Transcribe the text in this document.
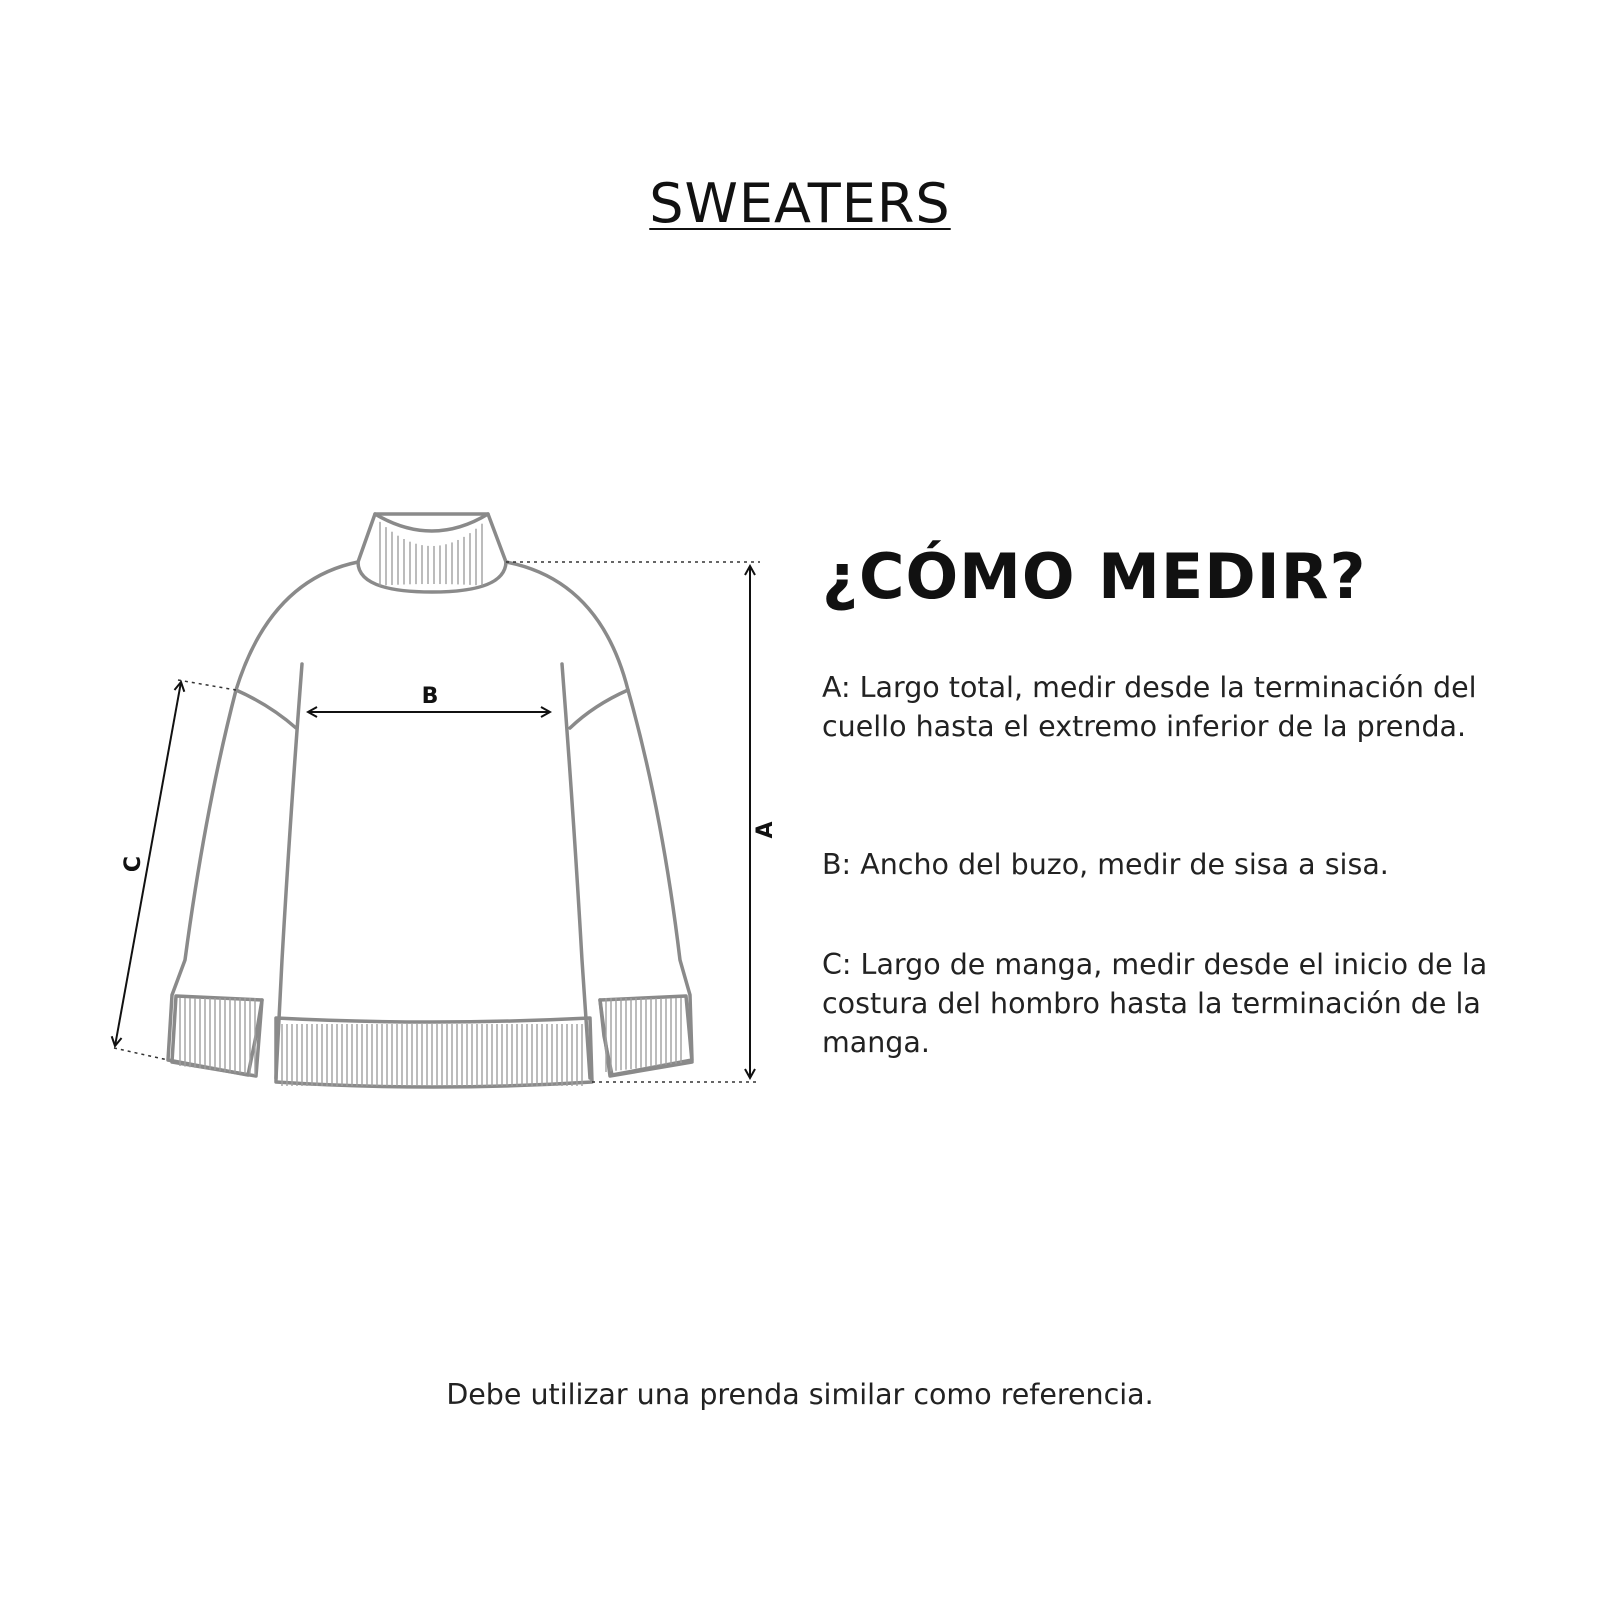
SWEATERS
A
B
C
¿CÓMO MEDIR?

A: Largo total, medir desde la terminación del cuello hasta el extremo inferior de la prenda.

B: Ancho del buzo, medir de sisa a sisa.

C: Largo de manga, medir desde el inicio de la costura del hombro hasta la terminación de la manga.

Debe utilizar una prenda similar como referencia.
